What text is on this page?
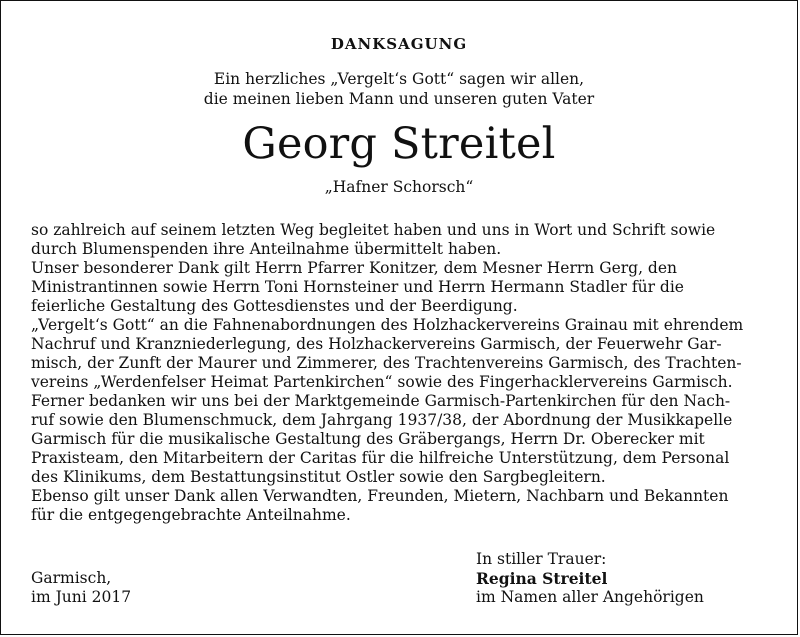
DANKSAGUNG
Ein herzliches „Vergelt‘s Gott“ sagen wir allen,
die meinen lieben Mann und unseren guten Vater
Georg Streitel
„Hafner Schorsch“
so zahlreich auf seinem letzten Weg begleitet haben und uns in Wort und Schrift sowie
durch Blumenspenden ihre Anteilnahme übermittelt haben.
Unser besonderer Dank gilt Herrn Pfarrer Konitzer, dem Mesner Herrn Gerg, den
Ministrantinnen sowie Herrn Toni Hornsteiner und Herrn Hermann Stadler für die
feierliche Gestaltung des Gottesdienstes und der Beerdigung.
„Vergelt‘s Gott“ an die Fahnenabordnungen des Holzhackervereins Grainau mit ehrendem
Nachruf und Kranzniederlegung, des Holzhackervereins Garmisch, der Feuerwehr Gar-
misch, der Zunft der Maurer und Zimmerer, des Trachtenvereins Garmisch, des Trachten-
vereins „Werdenfelser Heimat Partenkirchen“ sowie des Fingerhacklervereins Garmisch.
Ferner bedanken wir uns bei der Marktgemeinde Garmisch-Partenkirchen für den Nach-
ruf sowie den Blumenschmuck, dem Jahrgang 1937/38, der Abordnung der Musikkapelle
Garmisch für die musikalische Gestaltung des Gräbergangs, Herrn Dr. Oberecker mit
Praxisteam, den Mitarbeitern der Caritas für die hilfreiche Unterstützung, dem Personal
des Klinikums, dem Bestattungsinstitut Ostler sowie den Sargbegleitern.
Ebenso gilt unser Dank allen Verwandten, Freunden, Mietern, Nachbarn und Bekannten
für die entgegengebrachte Anteilnahme.
Garmisch,
im Juni 2017
In stiller Trauer:
Regina Streitel
im Namen aller Angehörigen
